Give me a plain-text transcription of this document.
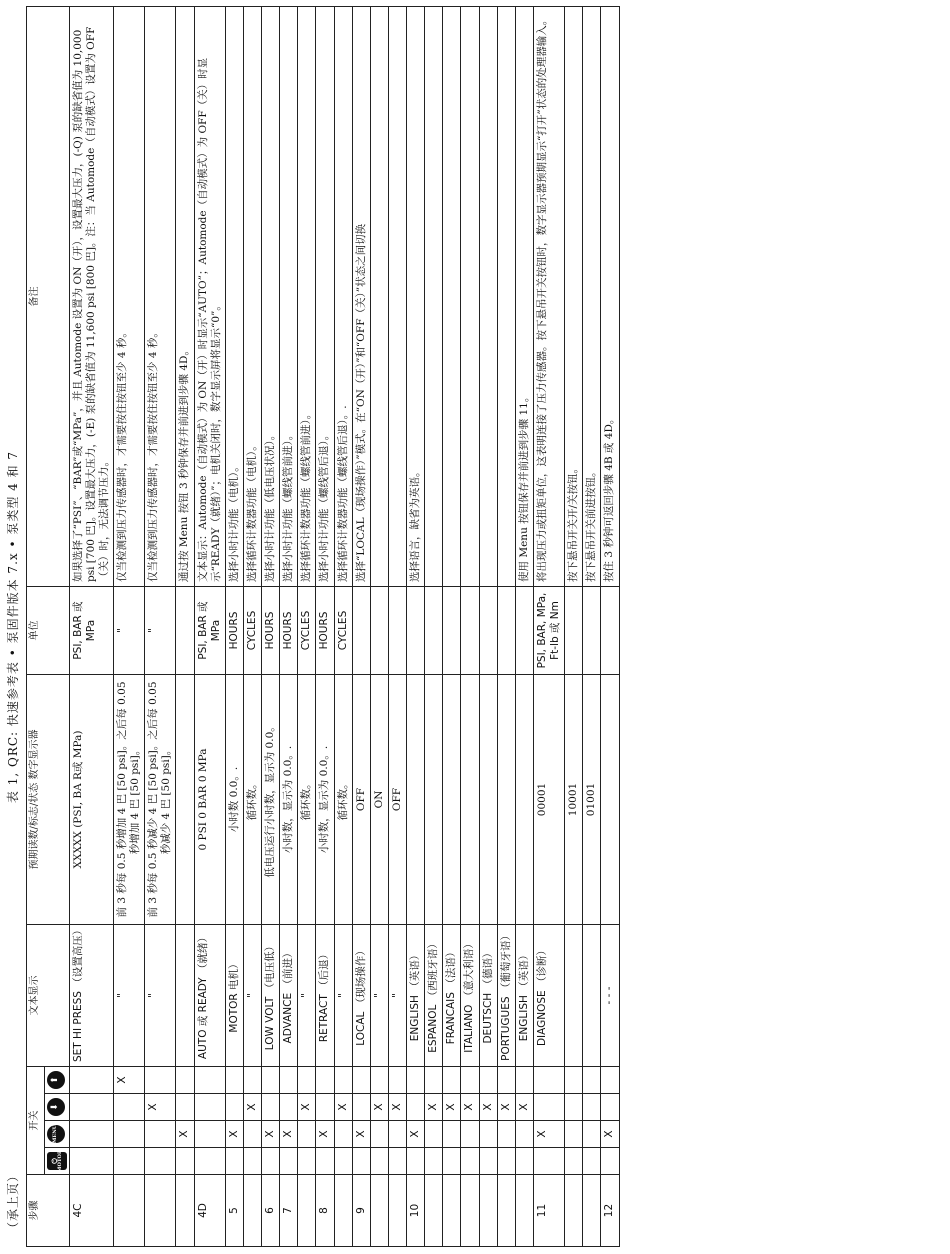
（承上页）
表 1, QRC: 快速参考表 • 泵固件版本 7.x • 泵类型 4 和 7
步骤	开关				文本显示	预期读数/标志/状态 数字显示器	单位	备注
	⏻
MOTOR	MENU	⬇	⬆				
4C					SET HI PRESS （设置高压）	XXXXX (PSI, BA R或 MPa)	PSI, BAR 或 MPa	如果选择了“PSI”、“BAR”或“MPa”，并且 Automode 设置为 ON（开），设置最大压力，(-Q) 泵的缺省值为 10,000 psi [700 巴]。设置最大压力，(-E) 泵的缺省值为 11,600 psi [800 巴]。注：当 Automode（自动模式）设置为 OFF（关）时，无法调节压力。
				X	"	前 3 秒每 0.5 秒增加 4 巴 [50 psi]。之后每 0.05 秒增加 4 巴 [50 psi]。	"	仅当检测到压力传感器时，才需要按住按钮至少 4 秒。
			X		"	前 3 秒每 0.5 秒减少 4 巴 [50 psi]。之后每 0.05 秒减少 4 巴 [50 psi]。	"	仅当检测到压力传感器时，才需要按住按钮至少 4 秒。
		X						通过按 Menu 按钮 3 秒钟保存并前进到步骤 4D。
4D					AUTO 或 READY （就绪）	0 PSI 0 BAR 0 MPa	PSI, BAR 或 MPa	文本显示：Automode（自动模式）为 ON（开）时显示“AUTO”；Automode（自动模式）为 OFF（关）时显示“READY（就绪）”；电机关闭时，数字显示屏将显示“0”。
5		X			MOTOR 电机）	小时数 0.0。.	HOURS	选择小时计功能（电机）。
			X		"	循环数。	CYCLES	选择循环计数器功能（电机）。
6		X			LOW VOLT （电压低）	低电压运行小时数，显示为 0.0。	HOURS	选择小时计功能（低电压状况）。
7		X			ADVANCE （前进）	小时数，显示为 0.0。.	HOURS	选择小时计功能（螺线管前进）。
			X		"	循环数。	CYCLES	选择循环计数器功能（螺线管前进）。
8		X			RETRACT （后退）	小时数，显示为 0.0。.	HOURS	选择小时计功能（螺线管后退）。
			X		"	循环数。	CYCLES	选择循环计数器功能（螺线管后退）。.
9		X			LOCAL （现场操作）	OFF		选择“LOCAL（现场操作）”模式。在“ON（开）”和“OFF（关）”状态之间切换
			X		"	ON		
			X		"	OFF		
10		X			ENGLISH （英语）			选择语言，缺省为英语。
			X		ESPANOL （西班牙语）			
			X		FRANCAIS （法语）			
			X		ITALIANO （意大利语）			
			X		DEUTSCH （德语）			
			X		PORTUGUES （葡萄牙语）			
			X		ENGLISH （英语）			使用 Menu 按钮保存并前进到步骤 11。
11		X			DIAGNOSE （诊断）	00001	PSI, BAR, MPa, Ft-lb 或 Nm	将出现压力或扭矩单位，这表明连接了压力传感器。按下悬吊开关按钮时，数字显示器预期显示“打开”状态的处理器输入。
						10001		按下悬吊开关开/关按钮。
						01001		按下悬吊开关前进按钮。
12		X			- - -			按住 3 秒钟可返回步骤 4B 或 4D。
